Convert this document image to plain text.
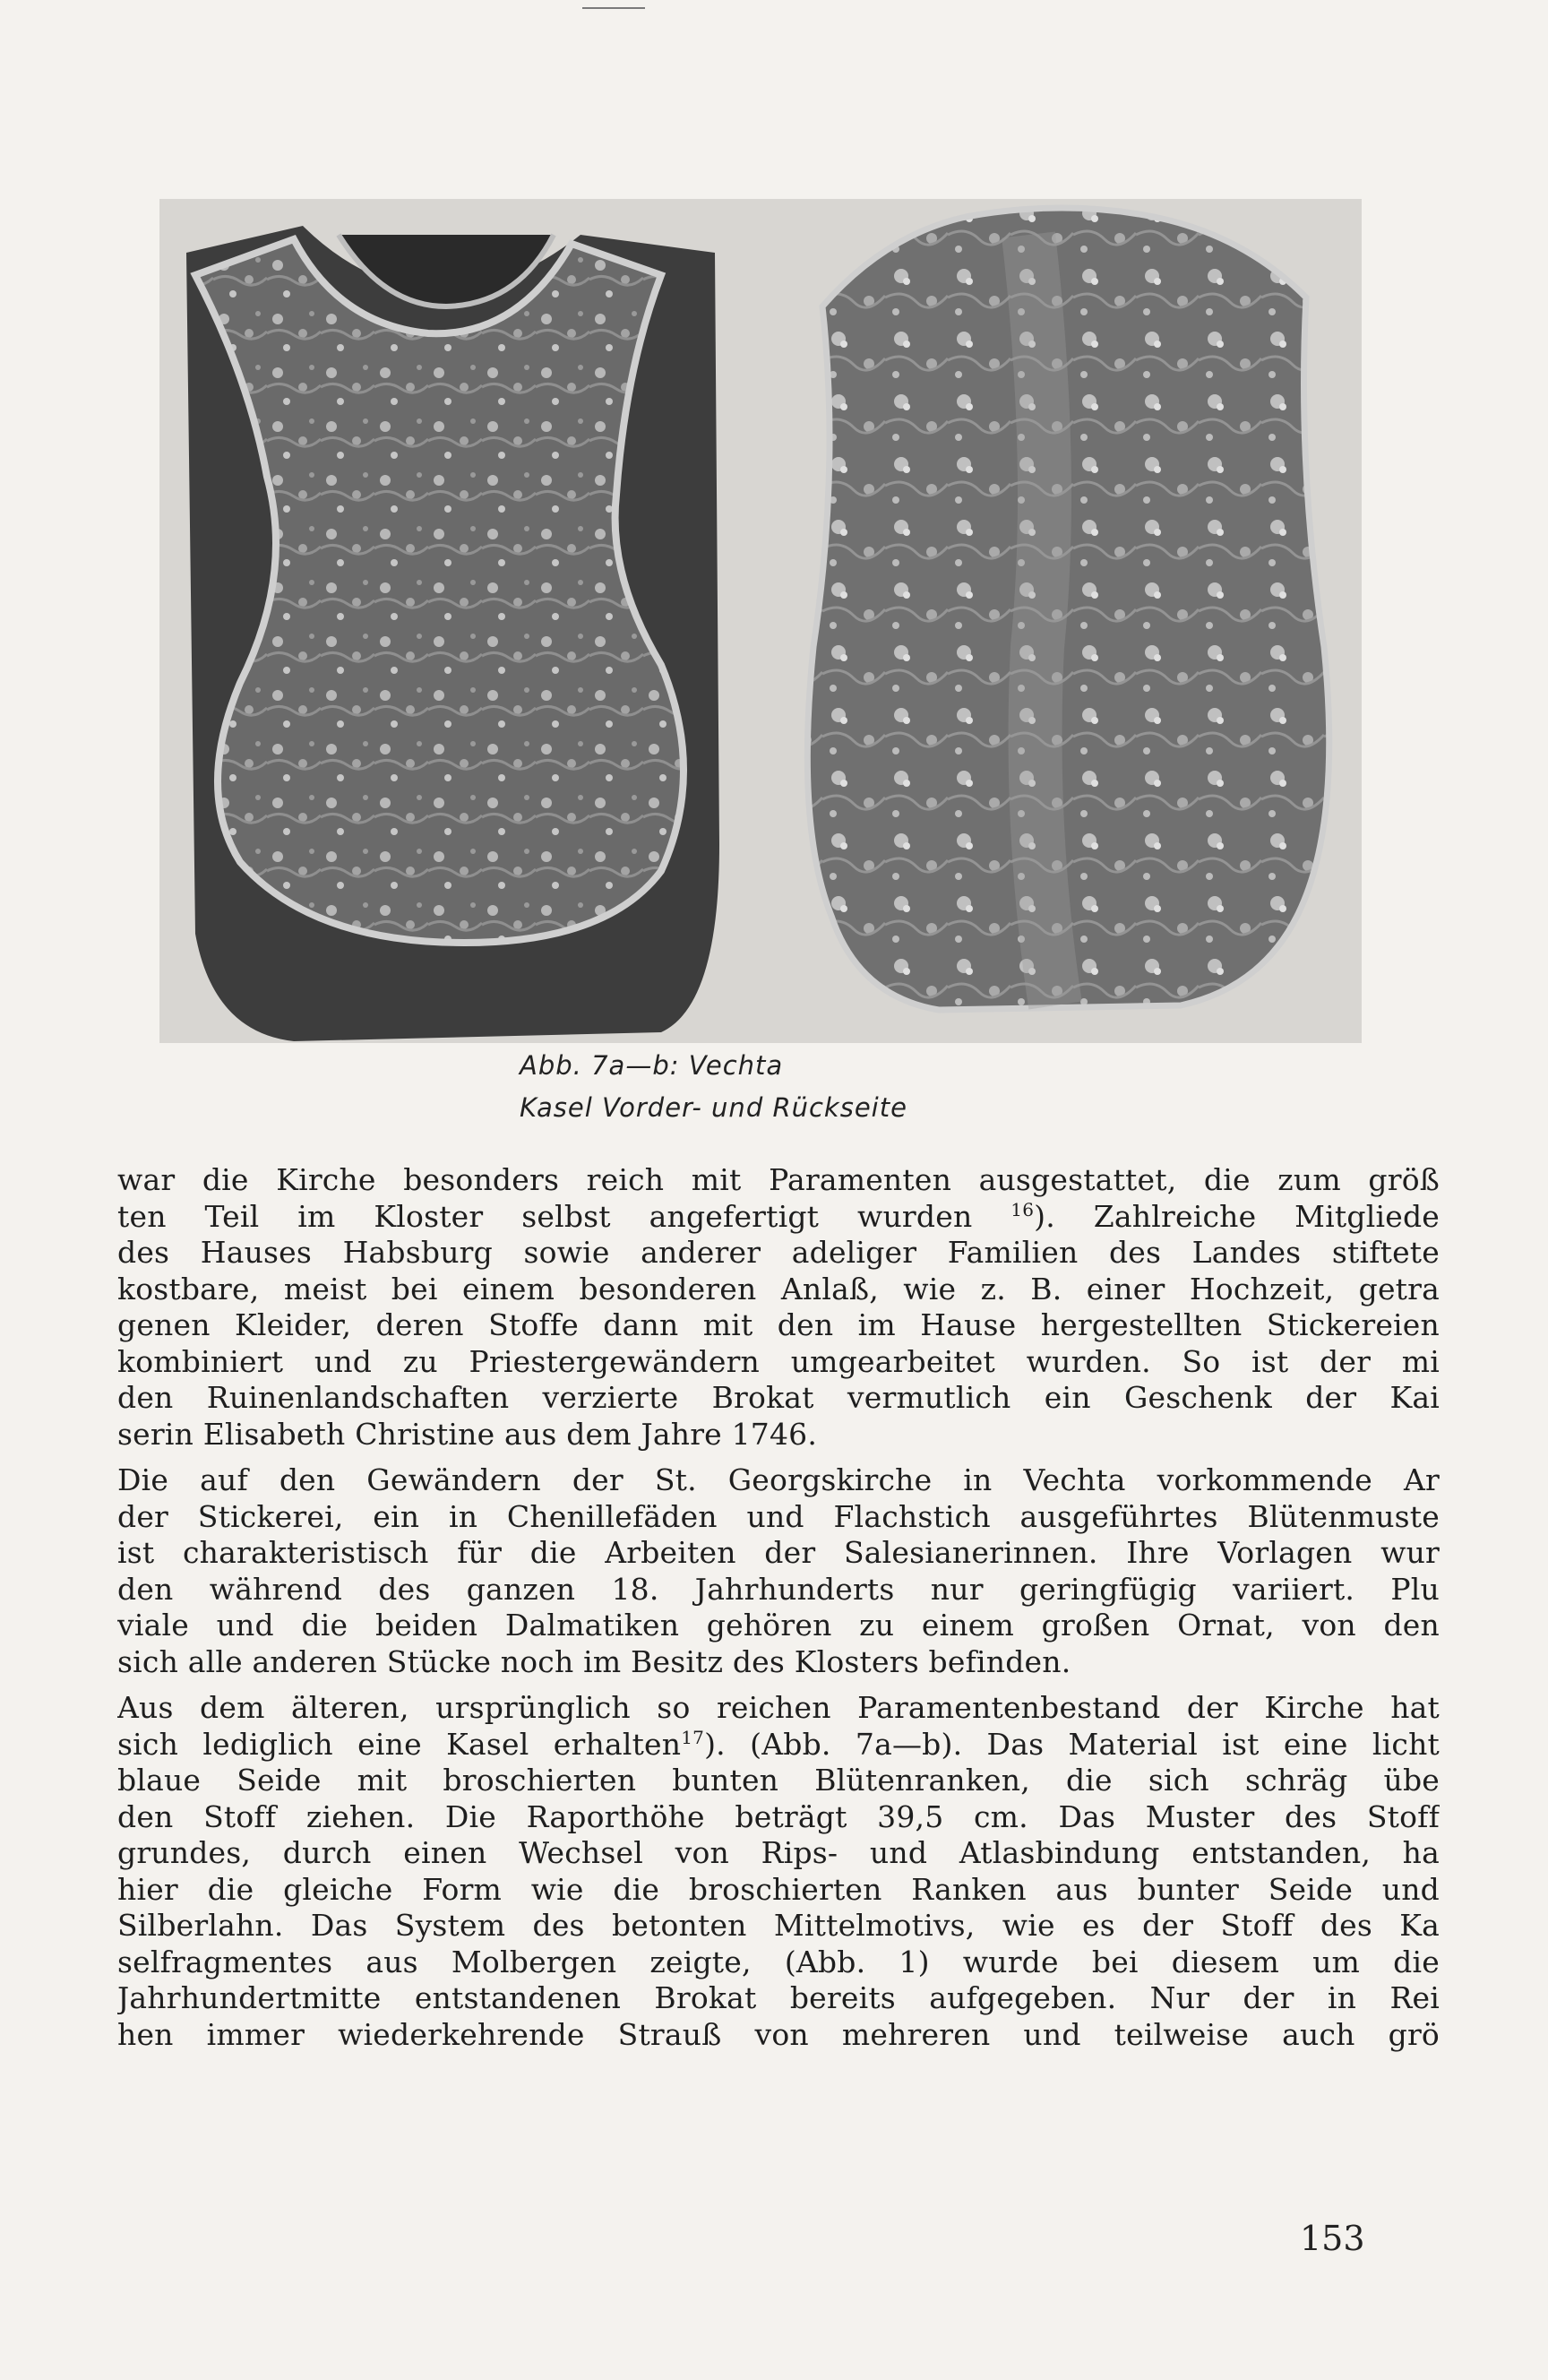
Abb. 7a—b: Vechta
Kasel Vorder- und Rückseite
war die Kirche besonders reich mit Paramenten ausgestattet, die zum größ
ten Teil im Kloster selbst angefertigt wurden $^{16}$). Zahlreiche Mitgliede
des Hauses Habsburg sowie anderer adeliger Familien des Landes stiftete
kostbare, meist bei einem besonderen Anlaß, wie z. B. einer Hochzeit, getra
genen Kleider, deren Stoffe dann mit den im Hause hergestellten Stickereien
kombiniert und zu Priestergewändern umgearbeitet wurden. So ist der mi
den Ruinenlandschaften verzierte Brokat vermutlich ein Geschenk der Kai
serin Elisabeth Christine aus dem Jahre 1746.
Die auf den Gewändern der St. Georgskirche in Vechta vorkommende Ar
der Stickerei, ein in Chenillefäden und Flachstich ausgeführtes Blütenmuste
ist charakteristisch für die Arbeiten der Salesianerinnen. Ihre Vorlagen wur
den während des ganzen 18. Jahrhunderts nur geringfügig variiert. Plu
viale und die beiden Dalmatiken gehören zu einem großen Ornat, von den
sich alle anderen Stücke noch im Besitz des Klosters befinden.
Aus dem älteren, ursprünglich so reichen Paramentenbestand der Kirche hat
sich lediglich eine Kasel erhalten$^{17}$). (Abb. 7a—b). Das Material ist eine licht
blaue Seide mit broschierten bunten Blütenranken, die sich schräg übe
den Stoff ziehen. Die Raporthöhe beträgt 39,5 cm. Das Muster des Stoff
grundes, durch einen Wechsel von Rips- und Atlasbindung entstanden, ha
hier die gleiche Form wie die broschierten Ranken aus bunter Seide und
Silberlahn. Das System des betonten Mittelmotivs, wie es der Stoff des Ka
selfragmentes aus Molbergen zeigte, (Abb. 1) wurde bei diesem um die
Jahrhundertmitte entstandenen Brokat bereits aufgegeben. Nur der in Rei
hen immer wiederkehrende Strauß von mehreren und teilweise auch grö
153
